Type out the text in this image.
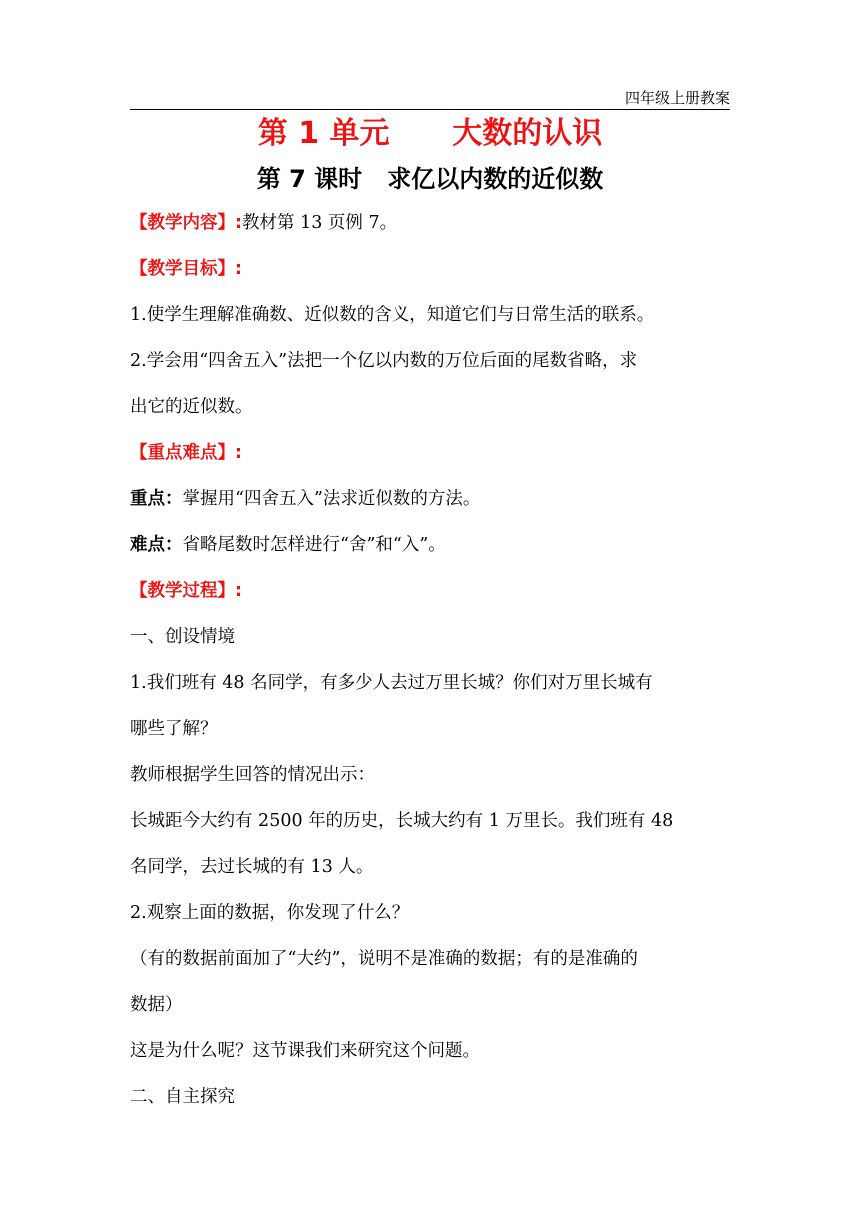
四年级上册教案
第 1 单元      大数的认识
第 7 课时   求亿以内数的近似数

【教学内容】:教材第 13 页例 7。

【教学目标】:

1.使学生理解准确数、近似数的含义，知道它们与日常生活的联系。

2.学会用“四舍五入”法把一个亿以内数的万位后面的尾数省略，求

出它的近似数。

【重点难点】:

重点：掌握用“四舍五入”法求近似数的方法。

难点：省略尾数时怎样进行“舍”和“入”。

【教学过程】:

一、创设情境

1.我们班有 48 名同学，有多少人去过万里长城？你们对万里长城有

哪些了解？

教师根据学生回答的情况出示：

长城距今大约有 2500 年的历史，长城大约有 1 万里长。我们班有 48

名同学，去过长城的有 13 人。

2.观察上面的数据，你发现了什么？

（有的数据前面加了“大约”，说明不是准确的数据；有的是准确的

数据）

这是为什么呢？这节课我们来研究这个问题。

二、自主探究
